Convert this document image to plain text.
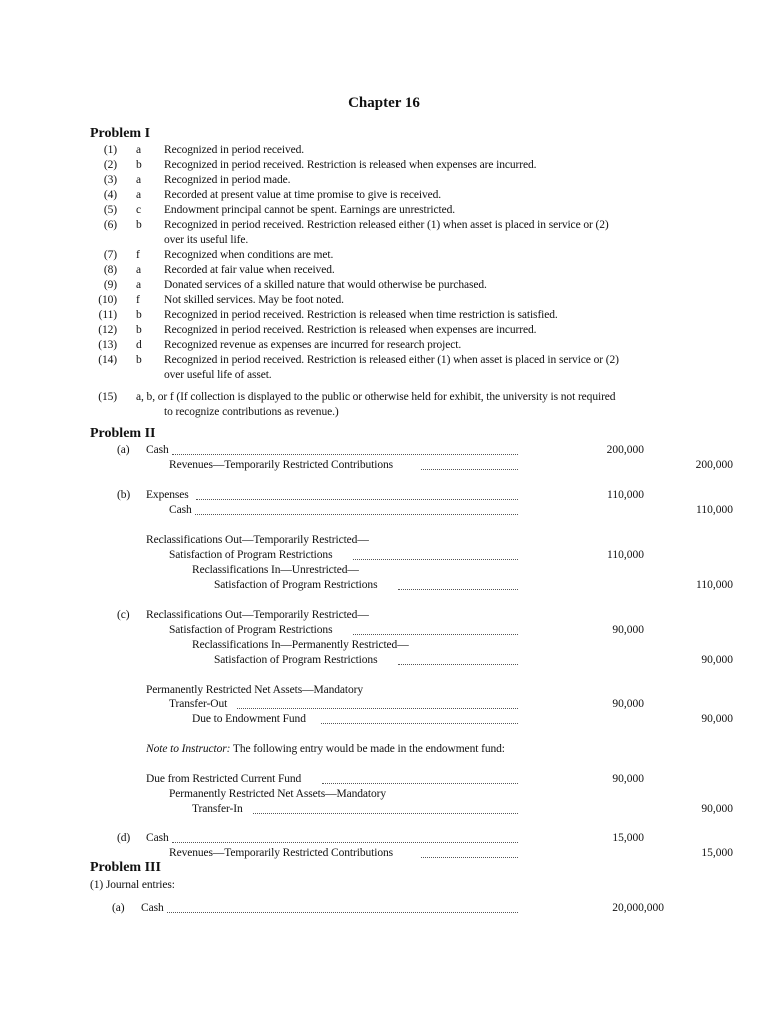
Chapter 16
Problem I
(1) a Recognized in period received.
(2) b Recognized in period received. Restriction is released when expenses are incurred.
(3) a Recognized in period made.
(4) a Recorded at present value at time promise to give is received.
(5) c Endowment principal cannot be spent. Earnings are unrestricted.
(6) b Recognized in period received. Restriction released either (1) when asset is placed in service or (2)
over its useful life.
(7) f Recognized when conditions are met.
(8) a Recorded at fair value when received.
(9) a Donated services of a skilled nature that would otherwise be purchased.
(10) f Not skilled services. May be foot noted.
(11) b Recognized in period received. Restriction is released when time restriction is satisfied.
(12) b Recognized in period received. Restriction is released when expenses are incurred.
(13) d Recognized revenue as expenses are incurred for research project.
(14) b Recognized in period received. Restriction is released either (1) when asset is placed in service or (2)
over useful life of asset.
(15) a, b, or f (If collection is displayed to the public or otherwise held for exhibit, the university is not required
to recognize contributions as revenue.)
Problem II
(a) Cash	200,000
Revenues—Temporarily Restricted Contributions	200,000
(b) Expenses	110,000
Cash	110,000
Reclassifications Out—Temporarily Restricted—
Satisfaction of Program Restrictions	110,000
Reclassifications In—Unrestricted—
Satisfaction of Program Restrictions	110,000
(c) Reclassifications Out—Temporarily Restricted—
Satisfaction of Program Restrictions	90,000
Reclassifications In—Permanently Restricted—
Satisfaction of Program Restrictions	90,000
Permanently Restricted Net Assets—Mandatory
Transfer-Out	90,000
Due to Endowment Fund	90,000
Note to Instructor: The following entry would be made in the endowment fund:
Due from Restricted Current Fund	90,000
Permanently Restricted Net Assets—Mandatory
Transfer-In	90,000
(d) Cash	15,000
Revenues—Temporarily Restricted Contributions	15,000
Problem III
(1) Journal entries:
(a) Cash	20,000,000
